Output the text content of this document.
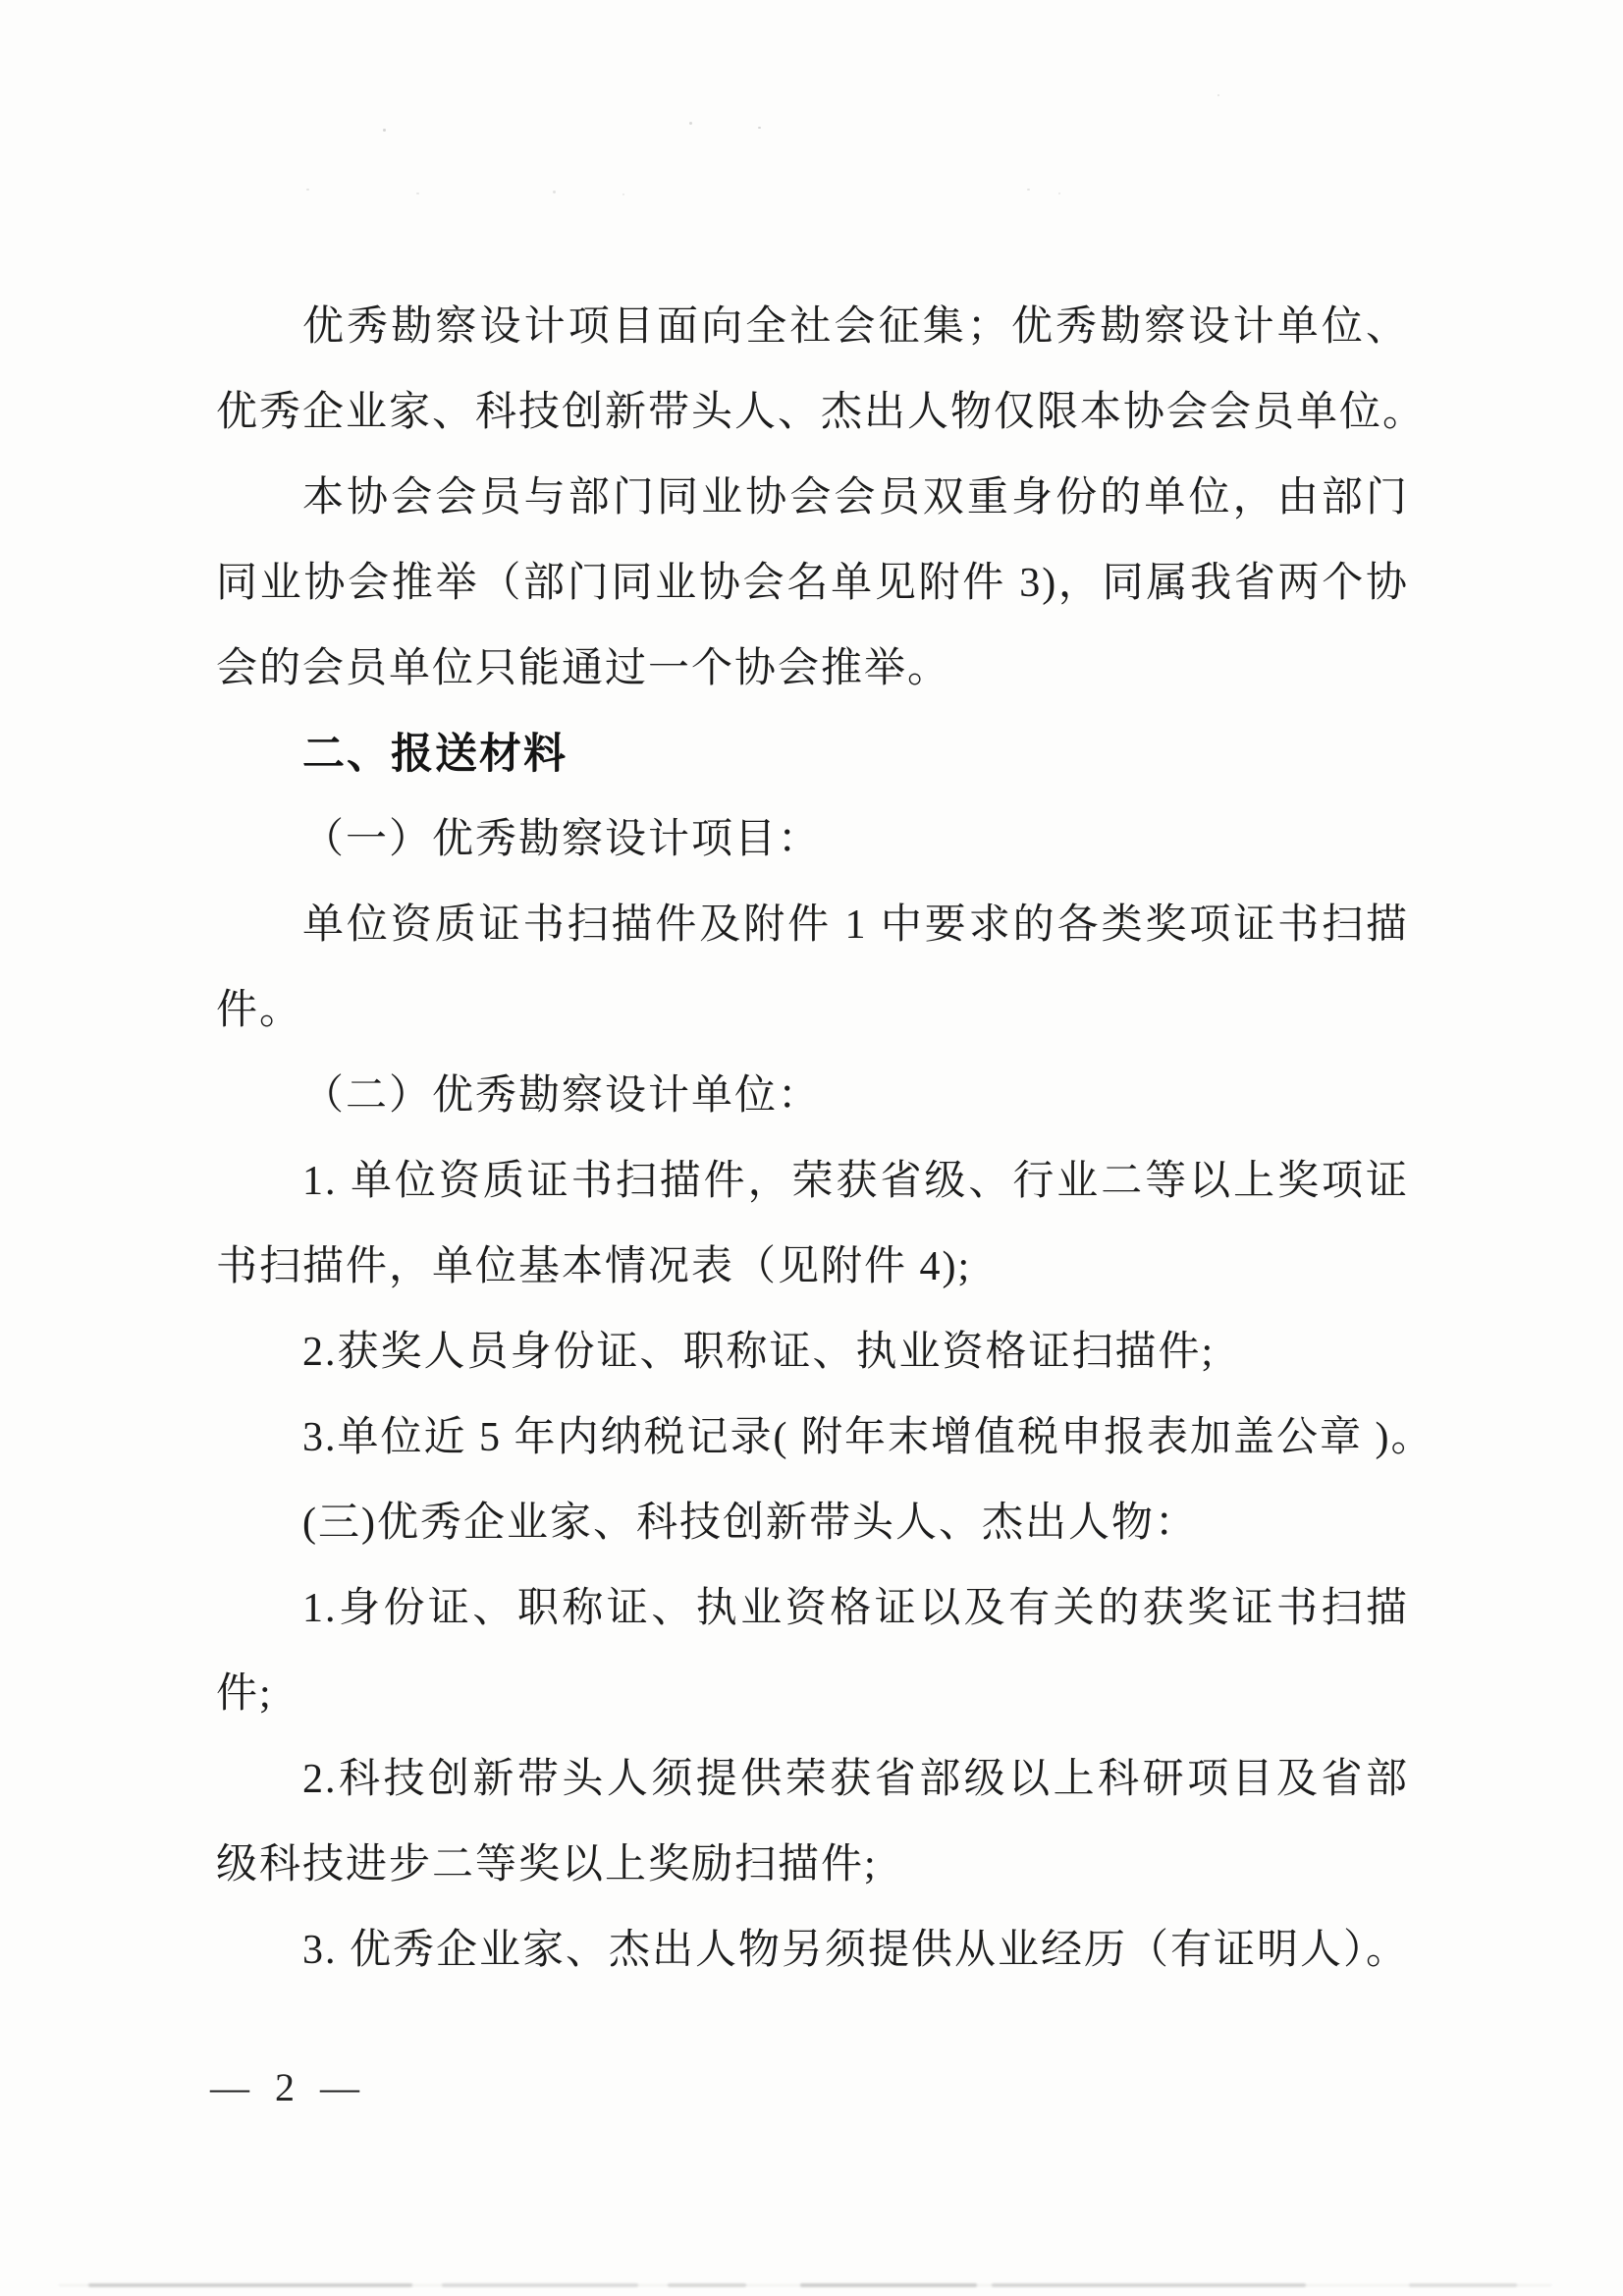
优秀勘察设计项目面向全社会征集；优秀勘察设计单位、
优秀企业家、科技创新带头人、杰出人物仅限本协会会员单位。
本协会会员与部门同业协会会员双重身份的单位，由部门
同业协会推举（部门同业协会名单见附件 3)，同属我省两个协
会的会员单位只能通过一个协会推举。
二、报送材料
（一）优秀勘察设计项目：
单位资质证书扫描件及附件 1 中要求的各类奖项证书扫描
件。
（二）优秀勘察设计单位：
1. 单位资质证书扫描件，荣获省级、行业二等以上奖项证
书扫描件，单位基本情况表（见附件 4);
2.获奖人员身份证、职称证、执业资格证扫描件;
3.单位近 5 年内纳税记录( 附年末增值税申报表加盖公章 )。
(三)优秀企业家、科技创新带头人、杰出人物：
1.身份证、职称证、执业资格证以及有关的获奖证书扫描
件;
2.科技创新带头人须提供荣获省部级以上科研项目及省部
级科技进步二等奖以上奖励扫描件;
3. 优秀企业家、杰出人物另须提供从业经历（有证明人）。
— 2 —
